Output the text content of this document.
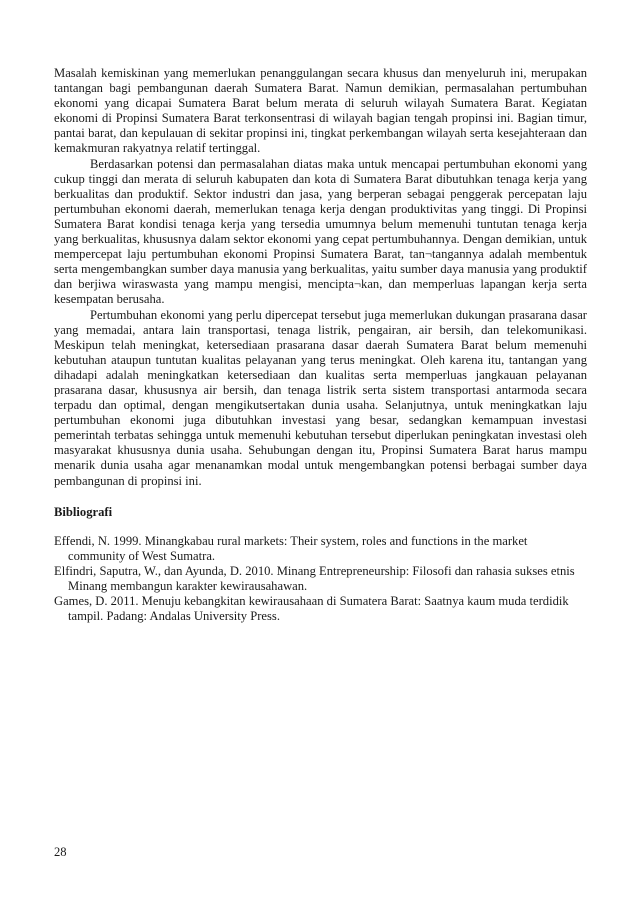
Masalah kemiskinan yang memerlukan penanggulangan secara khusus dan menyeluruh ini, merupakan tantangan bagi pembangunan daerah Sumatera Barat. Namun demikian, permasalahan pertumbuhan ekonomi yang dicapai Sumatera Barat belum merata di seluruh wilayah Sumatera Barat. Kegiatan ekonomi di Propinsi Sumatera Barat terkonsentrasi di wilayah bagian tengah propinsi ini. Bagian timur, pantai barat, dan kepulauan di sekitar propinsi ini, tingkat perkembangan wilayah serta kesejahteraan dan kemakmuran rakyatnya relatif tertinggal.

Berdasarkan potensi dan permasalahan diatas maka untuk mencapai pertumbuhan ekonomi yang cukup tinggi dan merata di seluruh kabupaten dan kota di Sumatera Barat dibutuhkan tenaga kerja yang berkualitas dan produktif. Sektor industri dan jasa, yang berperan sebagai penggerak percepatan laju pertumbuhan ekonomi daerah, memerlukan tenaga kerja dengan produktivitas yang tinggi. Di Propinsi Sumatera Barat kondisi tenaga kerja yang tersedia umumnya belum memenuhi tuntutan tenaga kerja yang berkualitas, khususnya dalam sektor ekonomi yang cepat pertumbuhannya. Dengan demikian, untuk mempercepat laju pertumbuhan ekonomi Propinsi Sumatera Barat, tan¬tangannya adalah membentuk serta mengembangkan sumber daya manusia yang berkualitas, yaitu sumber daya manusia yang produktif dan berjiwa wiraswasta yang mampu mengisi, mencipta¬kan, dan memperluas lapangan kerja serta kesempatan berusaha.

Pertumbuhan ekonomi yang perlu dipercepat tersebut juga memerlukan dukungan prasarana dasar yang memadai, antara lain transportasi, tenaga listrik, pengairan, air bersih, dan telekomunikasi. Meskipun telah meningkat, ketersediaan prasarana dasar daerah Sumatera Barat belum memenuhi kebutuhan ataupun tuntutan kualitas pelayanan yang terus meningkat. Oleh karena itu, tantangan yang dihadapi adalah meningkatkan ketersediaan dan kualitas serta memperluas jangkauan pelayanan prasarana dasar, khususnya air bersih, dan tenaga listrik serta sistem transportasi antarmoda secara terpadu dan optimal, dengan mengikutsertakan dunia usaha. Selanjutnya, untuk meningkatkan laju pertumbuhan ekonomi juga dibutuhkan investasi yang besar, sedangkan kemampuan investasi pemerintah terbatas sehingga untuk memenuhi kebutuhan tersebut diperlukan peningkatan investasi oleh masyarakat khususnya dunia usaha. Sehubungan dengan itu, Propinsi Sumatera Barat harus mampu menarik dunia usaha agar menanamkan modal untuk mengembangkan potensi berbagai sumber daya pembangunan di propinsi ini.

Bibliografi

Effendi, N. 1999. Minangkabau rural markets: Their system, roles and functions in the market community of West Sumatra.

Elfindri, Saputra, W., dan Ayunda, D. 2010. Minang Entrepreneurship: Filosofi dan rahasia sukses etnis Minang membangun karakter kewirausahawan.

Games, D. 2011. Menuju kebangkitan kewirausahaan di Sumatera Barat: Saatnya kaum muda terdidik tampil. Padang: Andalas University Press.

28
